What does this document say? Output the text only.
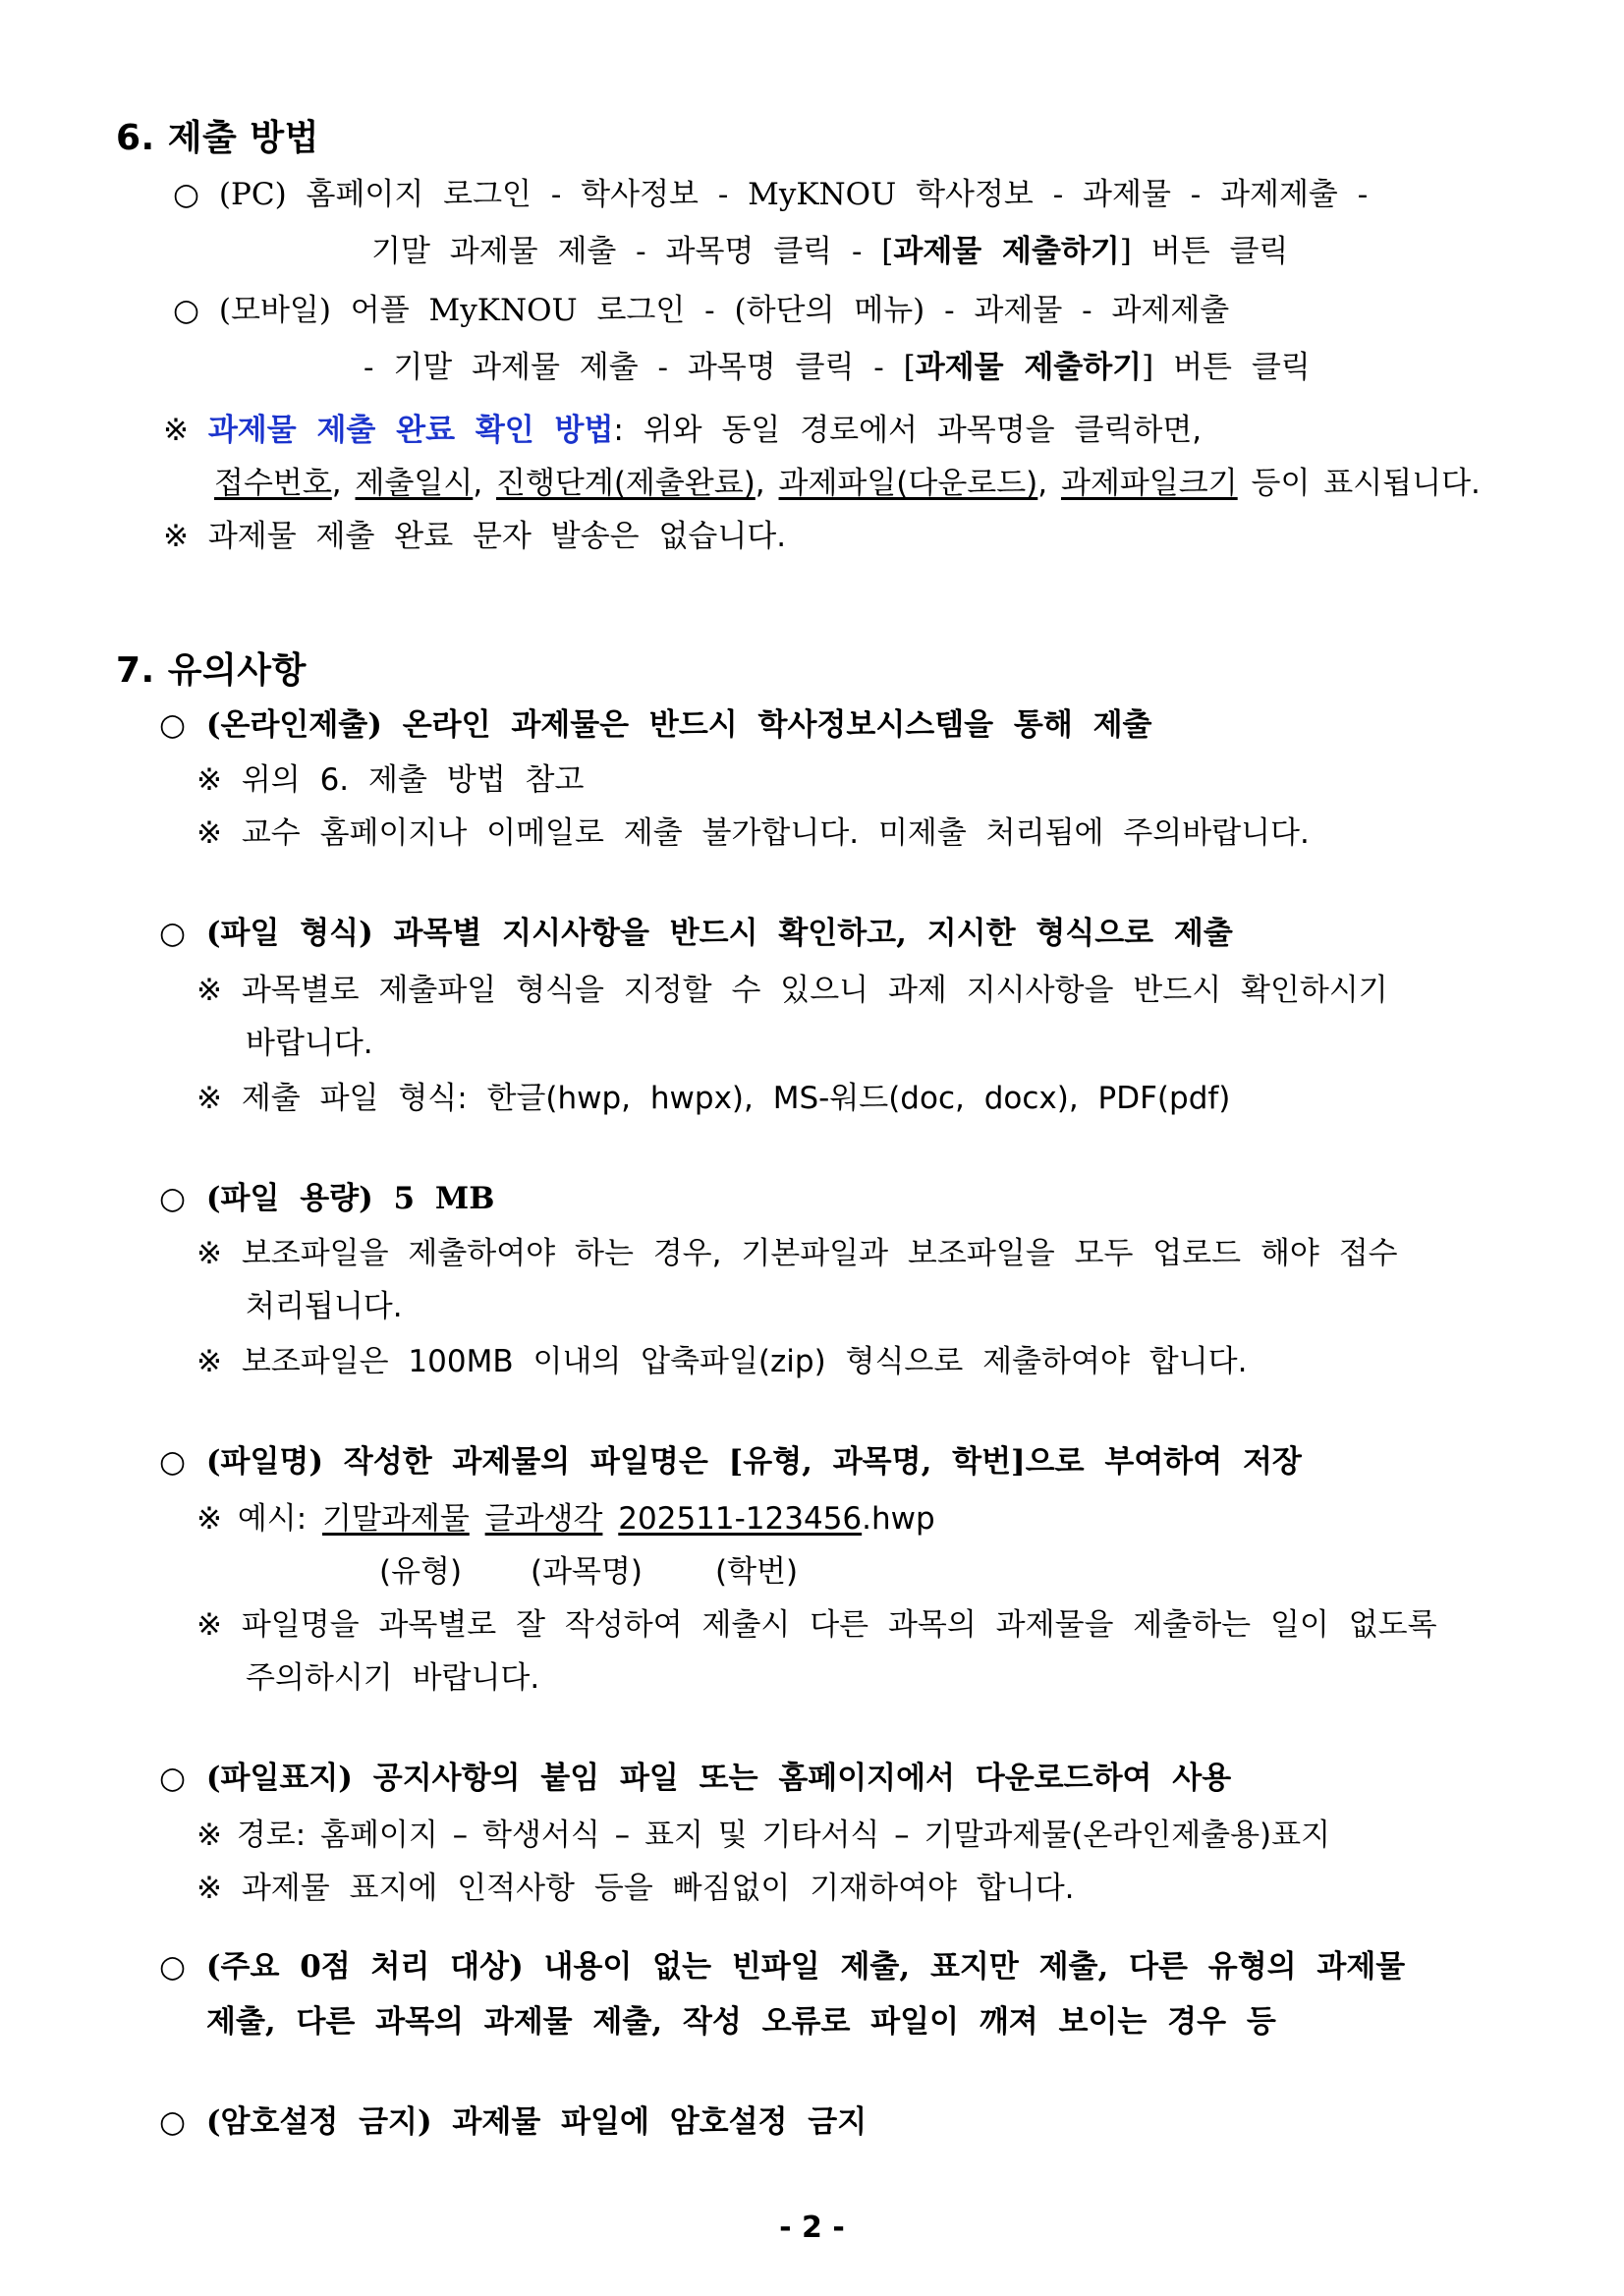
6. 제출 방법
○ (PC) 홈페이지 로그인 - 학사정보 - MyKNOU 학사정보 - 과제물 - 과제제출 -
기말 과제물 제출 - 과목명 클릭 - [과제물 제출하기] 버튼 클릭
○ (모바일) 어플 MyKNOU 로그인 - (하단의 메뉴) - 과제물 - 과제제출
- 기말 과제물 제출 - 과목명 클릭 - [과제물 제출하기] 버튼 클릭
※ 과제물 제출 완료 확인 방법: 위와 동일 경로에서 과목명을 클릭하면,
접수번호, 제출일시, 진행단계(제출완료), 과제파일(다운로드), 과제파일크기 등이 표시됩니다.
※ 과제물 제출 완료 문자 발송은 없습니다.
7. 유의사항
○ (온라인제출) 온라인 과제물은 반드시 학사정보시스템을 통해 제출
※ 위의 6. 제출 방법 참고
※ 교수 홈페이지나 이메일로 제출 불가합니다. 미제출 처리됨에 주의바랍니다.
○ (파일 형식) 과목별 지시사항을 반드시 확인하고, 지시한 형식으로 제출
※ 과목별로 제출파일 형식을 지정할 수 있으니 과제 지시사항을 반드시 확인하시기
바랍니다.
※ 제출 파일 형식: 한글(hwp, hwpx), MS-워드(doc, docx), PDF(pdf)
○ (파일 용량) 5 MB
※ 보조파일을 제출하여야 하는 경우, 기본파일과 보조파일을 모두 업로드 해야 접수
처리됩니다.
※ 보조파일은 100MB 이내의 압축파일(zip) 형식으로 제출하여야 합니다.
○ (파일명) 작성한 과제물의 파일명은 [유형, 과목명, 학번]으로 부여하여 저장
※ 예시: 기말과제물 글과생각 202511-123456.hwp
(유형) (과목명) (학번)
※ 파일명을 과목별로 잘 작성하여 제출시 다른 과목의 과제물을 제출하는 일이 없도록
주의하시기 바랍니다.
○ (파일표지) 공지사항의 붙임 파일 또는 홈페이지에서 다운로드하여 사용
※ 경로: 홈페이지 – 학생서식 – 표지 및 기타서식 – 기말과제물(온라인제출용)표지
※ 과제물 표지에 인적사항 등을 빠짐없이 기재하여야 합니다.
○ (주요 0점 처리 대상) 내용이 없는 빈파일 제출, 표지만 제출, 다른 유형의 과제물
제출, 다른 과목의 과제물 제출, 작성 오류로 파일이 깨져 보이는 경우 등
○ (암호설정 금지) 과제물 파일에 암호설정 금지
- 2 -
